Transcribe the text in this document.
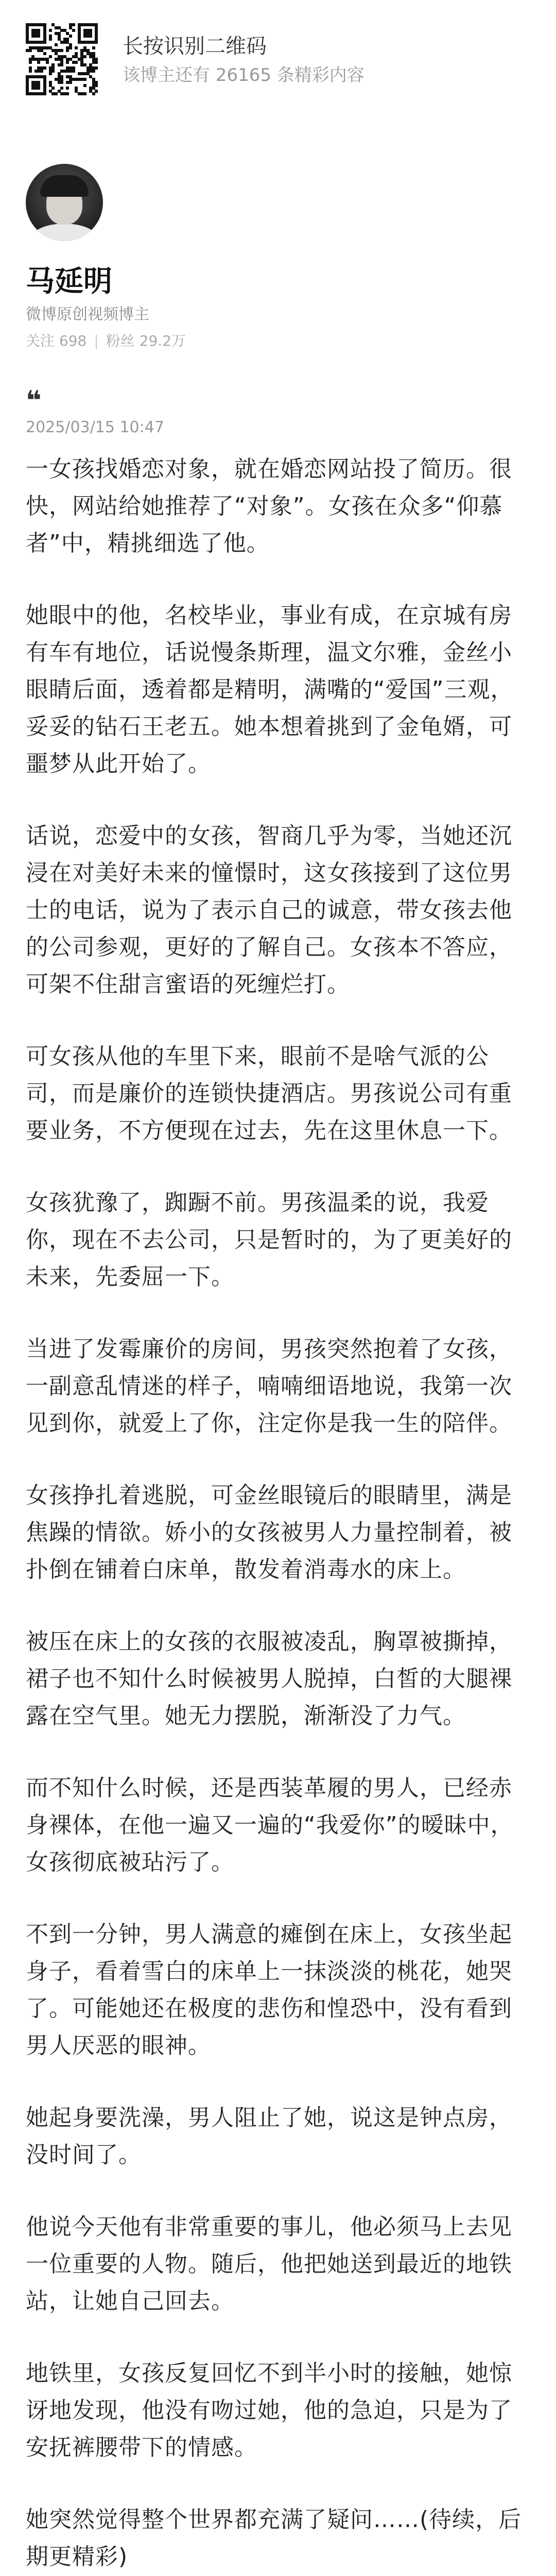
长按识别二维码
该博主还有 26165 条精彩内容
马延明
微博原创视频博主
关注 698 | 粉丝 29.2万
❝
2025/03/15 10:47

一女孩找婚恋对象，就在婚恋网站投了简历。很快，网站给她推荐了“对象”。女孩在众多“仰慕者”中，精挑细选了他。

她眼中的他，名校毕业，事业有成，在京城有房有车有地位，话说慢条斯理，温文尔雅，金丝小眼睛后面，透着都是精明，满嘴的“爱国”三观，妥妥的钻石王老五。她本想着挑到了金龟婿，可噩梦从此开始了。

话说，恋爱中的女孩，智商几乎为零，当她还沉浸在对美好未来的憧憬时，这女孩接到了这位男士的电话，说为了表示自己的诚意，带女孩去他的公司参观，更好的了解自己。女孩本不答应，可架不住甜言蜜语的死缠烂打。

可女孩从他的车里下来，眼前不是啥气派的公司，而是廉价的连锁快捷酒店。男孩说公司有重要业务，不方便现在过去，先在这里休息一下。

女孩犹豫了，踟蹰不前。男孩温柔的说，我爱你，现在不去公司，只是暂时的，为了更美好的未来，先委屈一下。

当进了发霉廉价的房间，男孩突然抱着了女孩，一副意乱情迷的样子，喃喃细语地说，我第一次见到你，就爱上了你，注定你是我一生的陪伴。

女孩挣扎着逃脱，可金丝眼镜后的眼睛里，满是焦躁的情欲。娇小的女孩被男人力量控制着，被扑倒在铺着白床单，散发着消毒水的床上。

被压在床上的女孩的衣服被凌乱，胸罩被撕掉，裙子也不知什么时候被男人脱掉，白皙的大腿裸露在空气里。她无力摆脱，渐渐没了力气。

而不知什么时候，还是西装革履的男人，已经赤身裸体，在他一遍又一遍的“我爱你”的暧昧中，女孩彻底被玷污了。

不到一分钟，男人满意的瘫倒在床上，女孩坐起身子，看着雪白的床单上一抹淡淡的桃花，她哭了。可能她还在极度的悲伤和惶恐中，没有看到男人厌恶的眼神。

她起身要洗澡，男人阻止了她，说这是钟点房，没时间了。

他说今天他有非常重要的事儿，他必须马上去见一位重要的人物。随后，他把她送到最近的地铁站，让她自己回去。

地铁里，女孩反复回忆不到半小时的接触，她惊讶地发现，他没有吻过她，他的急迫，只是为了安抚裤腰带下的情感。

她突然觉得整个世界都充满了疑问……(待续，后期更精彩)
